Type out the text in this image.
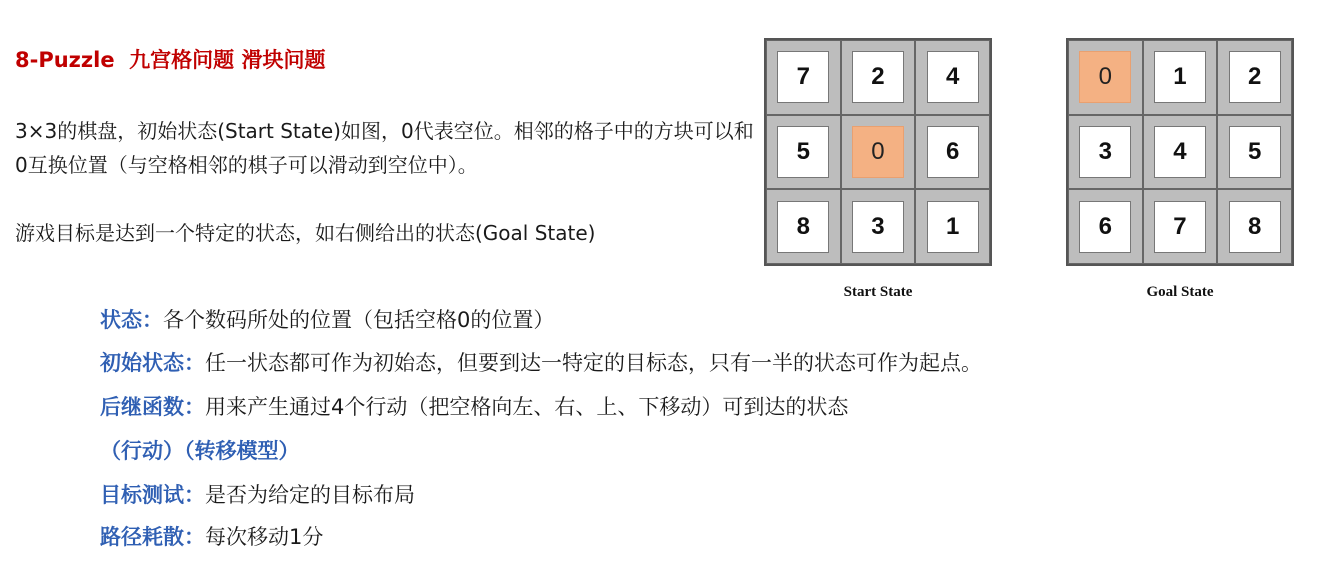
8-Puzzle  九宫格问题 滑块问题
3×3的棋盘，初始状态(Start State)如图，0代表空位。相邻的格子中的方块可以和0互换位置（与空格相邻的棋子可以滑动到空位中）。
游戏目标是达到一个特定的状态，如右侧给出的状态(Goal State)
7	2	4
5	0	6
8	3	1
0	1	2
3	4	5
6	7	8
Start State	Goal State
状态：各个数码所处的位置（包括空格0的位置）
初始状态：任一状态都可作为初始态，但要到达一特定的目标态，只有一半的状态可作为起点。
后继函数：用来产生通过4个行动（把空格向左、右、上、下移动）可到达的状态
（行动）（转移模型）
目标测试：是否为给定的目标布局
路径耗散：每次移动1分
